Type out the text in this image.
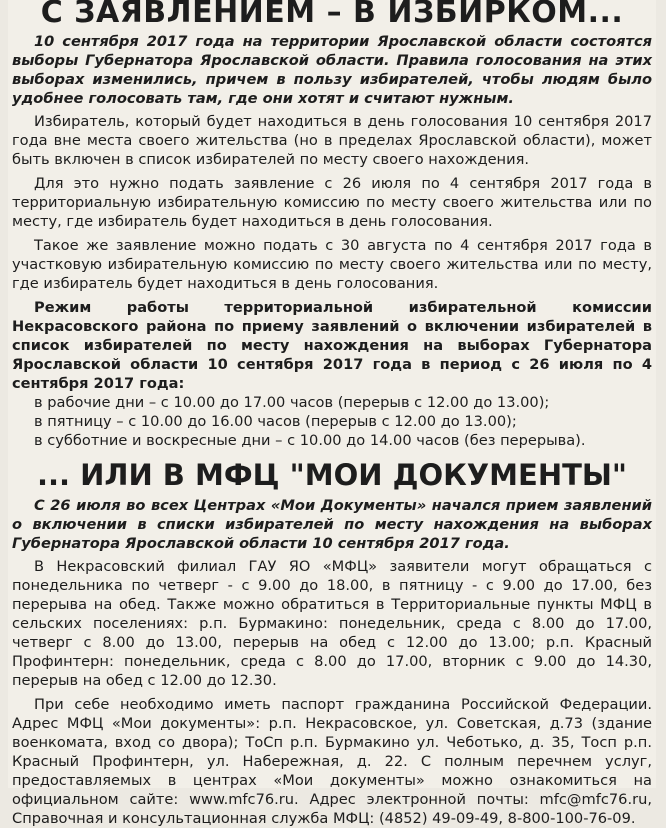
С ЗАЯВЛЕНИЕМ – В ИЗБИРКОМ...

10 сентября 2017 года на территории Ярославской области состоятся выборы Губернатора Ярославской области. Правила голосования на этих выборах изменились, причем в пользу избирателей, чтобы людям было удобнее голосовать там, где они хотят и считают нужным.

Избиратель, который будет находиться в день голосования 10 сентября 2017 года вне места своего жительства (но в пределах Ярославской области), может быть включен в список избирателей по месту своего нахождения.

Для это нужно подать заявление с 26 июля по 4 сентября 2017 года в территориальную избирательную комиссию по месту своего жительства или по месту, где избиратель будет находиться в день голосования.

Такое же заявление можно подать с 30 августа по 4 сентября 2017 года в участковую избирательную комиссию по месту своего жительства или по месту, где избиратель будет находиться в день голосования.

Режим работы территориальной избирательной комиссии Некрасовского района по приему заявлений о включении избирателей в список избирателей по месту нахождения на выборах Губернатора Ярославской области 10 сентября 2017 года в период с 26 июля по 4 сентября 2017 года:

в рабочие дни – с 10.00 до 17.00 часов (перерыв с 12.00 до 13.00);
в пятницу – с 10.00 до 16.00 часов (перерыв с 12.00 до 13.00);
в субботние и воскресные дни – с 10.00 до 14.00 часов (без перерыва).
... ИЛИ В МФЦ "МОИ ДОКУМЕНТЫ"

С 26 июля во всех Центрах «Мои Документы» начался прием заявлений о включении в списки избирателей по месту нахождения на выборах Губернатора Ярославской области 10 сентября 2017 года.

В Некрасовский филиал ГАУ ЯО «МФЦ» заявители могут обращаться с понедельника по четверг - с 9.00 до 18.00, в пятницу - с 9.00 до 17.00, без перерыва на обед. Также можно обратиться в Территориальные пункты МФЦ в сельских поселениях: р.п. Бурмакино: понедельник, среда с 8.00 до 17.00, четверг с 8.00 до 13.00, перерыв на обед с 12.00 до 13.00; р.п. Красный Профинтерн: понедельник, среда с 8.00 до 17.00, вторник с 9.00 до 14.30, перерыв на обед с 12.00 до 12.30.

При себе необходимо иметь паспорт гражданина Российской Федерации. Адрес МФЦ «Мои документы»: р.п. Некрасовское, ул. Советская, д.73 (здание военкомата, вход со двора); ТоСп р.п. Бурмакино ул. Чеботько, д. 35, Тосп р.п. Красный Профинтерн, ул. Набережная, д. 22. С полным перечнем услуг, предоставляемых в центрах «Мои документы» можно ознакомиться на официальном сайте: www.mfc76.ru. Адрес электронной почты: mfc@mfc76.ru, Справочная и консультационная служба МФЦ: (4852) 49-09-49, 8-800-100-76-09.
